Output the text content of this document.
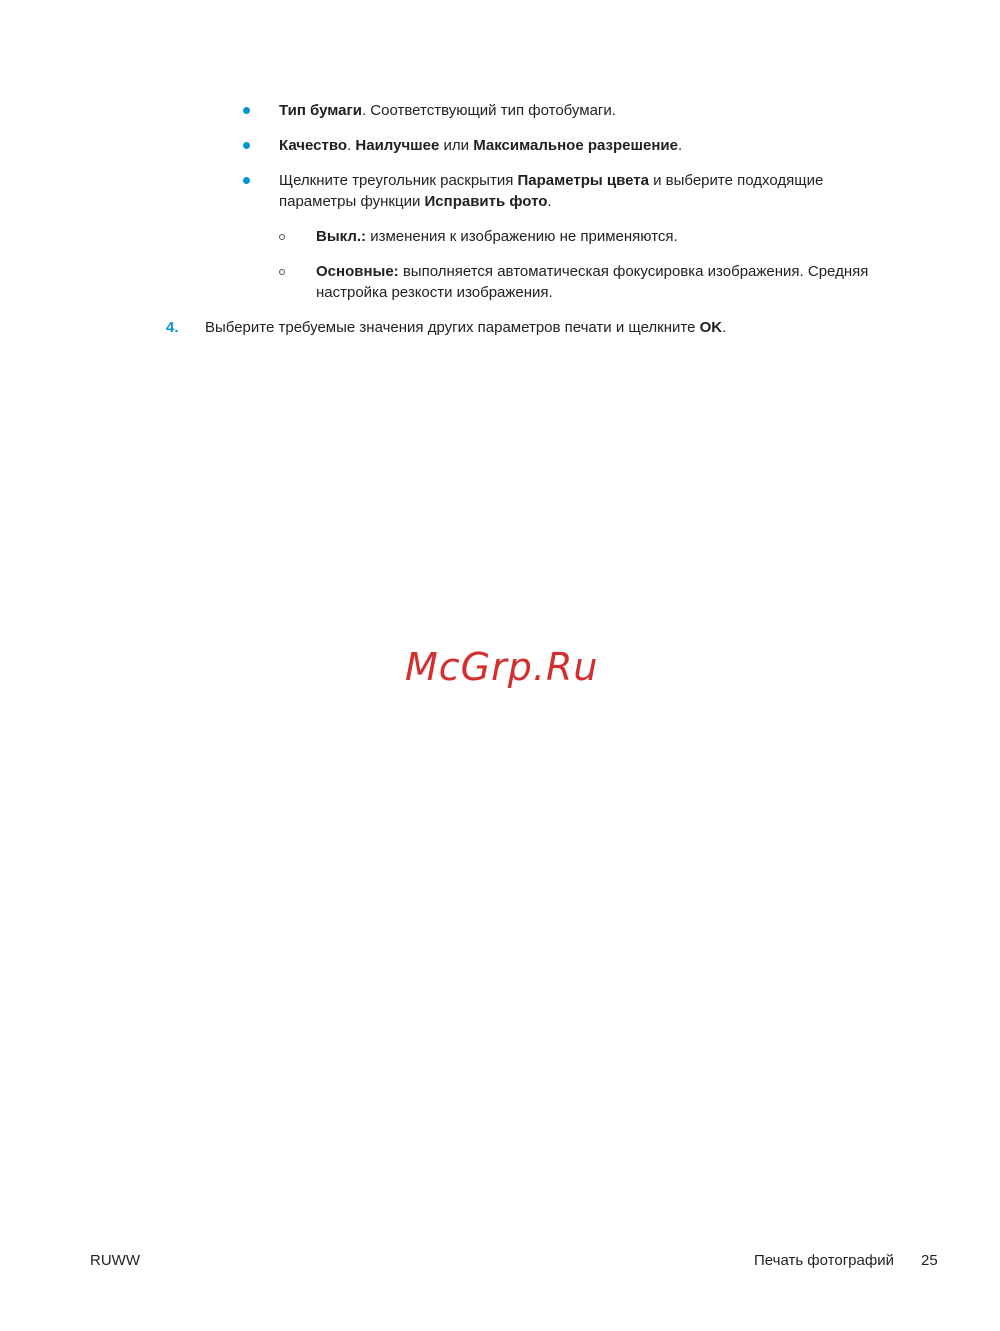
Тип бумаги. Соответствующий тип фотобумаги.
Качество. Наилучшее или Максимальное разрешение.
Щелкните треугольник раскрытия Параметры цвета и выберите подходящие
параметры функции Исправить фото.
Выкл.: изменения к изображению не применяются.
Основные: выполняется автоматическая фокусировка изображения. Средняя
настройка резкости изображения.
4. Выберите требуемые значения других параметров печати и щелкните OK.
McGrp.Ru
RUWW	Печать фотографий 25
